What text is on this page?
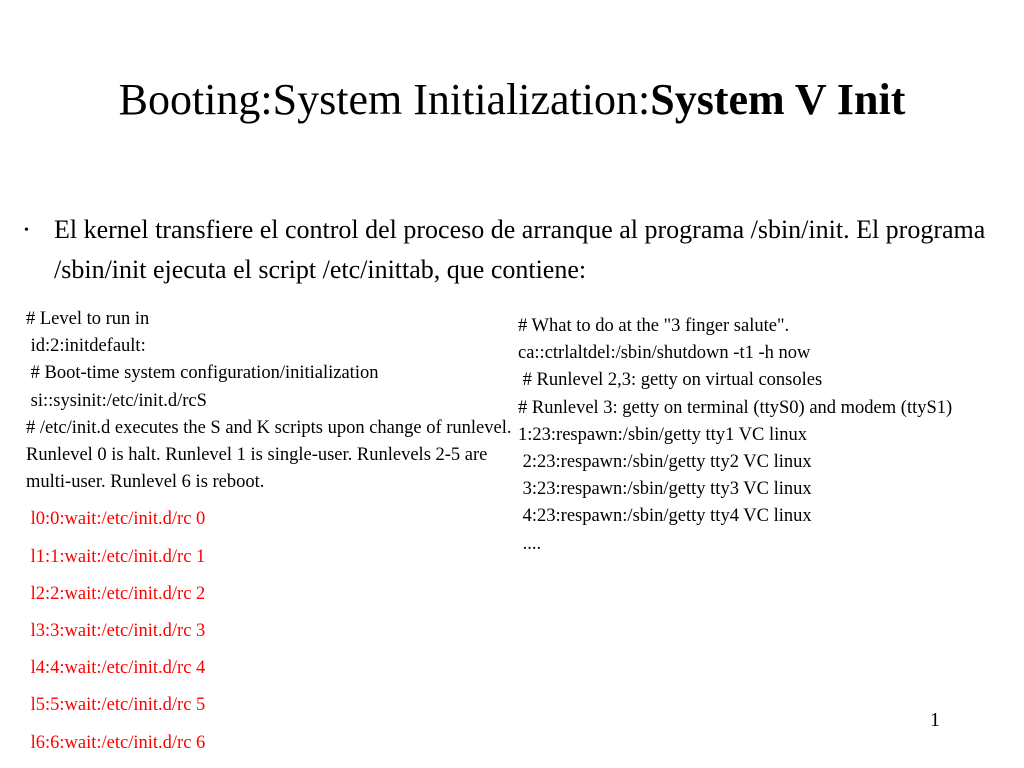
Booting:System Initialization:System V Init
• El kernel transfiere el control del proceso de arranque al programa /sbin/init. El programa /sbin/init ejecuta el script /etc/inittab, que contiene:
# Level to run in
id:2:initdefault:
# Boot-time system configuration/initialization
si::sysinit:/etc/init.d/rcS
# /etc/init.d executes the S and K scripts upon change of runlevel. Runlevel 0 is halt. Runlevel 1 is single-user. Runlevels 2-5 are multi-user. Runlevel 6 is reboot.
l0:0:wait:/etc/init.d/rc 0
l1:1:wait:/etc/init.d/rc 1
l2:2:wait:/etc/init.d/rc 2
l3:3:wait:/etc/init.d/rc 3
l4:4:wait:/etc/init.d/rc 4
l5:5:wait:/etc/init.d/rc 5
l6:6:wait:/etc/init.d/rc 6
# What to do at the "3 finger salute".
ca::ctrlaltdel:/sbin/shutdown -t1 -h now
# Runlevel 2,3: getty on virtual consoles
# Runlevel 3: getty on terminal (ttyS0) and modem (ttyS1)
1:23:respawn:/sbin/getty tty1 VC linux
2:23:respawn:/sbin/getty tty2 VC linux
3:23:respawn:/sbin/getty tty3 VC linux
4:23:respawn:/sbin/getty tty4 VC linux
....
1
